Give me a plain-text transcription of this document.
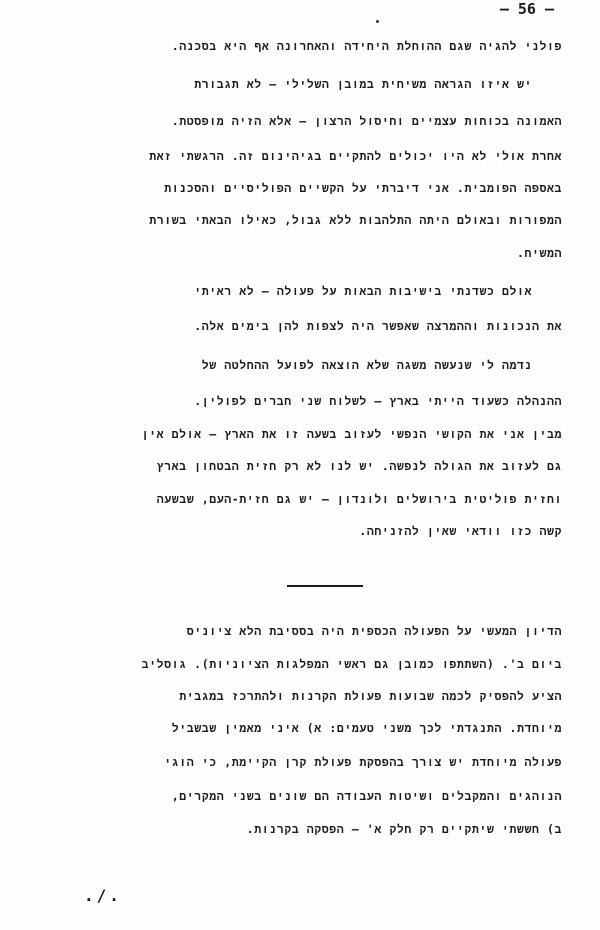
– 56 –
פולני להגיה שגם ההוחלת היחידה והאחרונה אף היא בסכנה.
יש איזו הגראה משיחית במובן השלילי – לא תגבורת
האמונה בכוחות עצמיים וחיסול הרצון – אלא הזיה מופסטת.
אחרת אולי לא היו יכולים להתקיים בגיהינום זה. הרגשתי זאת
באספה הפומבית. אני דיברתי על הקשיים הפוליסיים והסכנות
המפורות ובאולם היתה התלהבות ללא גבול, כאילו הבאתי בשורת
המשיח.
אולם כשדנתי בישיבות הבאות על פעולה – לא ראיתי
את הנכונות וההמרצה שאפשר היה לצפות להן בימים אלה.
נדמה לי שנעשה משגה שלא הוצאה לפועל ההחלטה של
ההנהלה כשעוד הייתי בארץ – לשלוח שני חברים לפולין.
מבין אני את הקושי הנפשי לעזוב בשעה זו את הארץ – אולם אין
גם לעזוב את הגולה לנפשה. יש לנו לא רק חזית הבטחון בארץ
וחזית פוליטית בירושלים ולונדון – יש גם חזית-העם, שבשעה
קשה כזו וודאי שאין להזניחה.
הדיון המעשי על הפעולה הכספית היה בססיבת הלא ציוניס
ביום ב'. (השתתפו כמובן גם ראשי המפלגות הציוניות). גוסליב
הציע להפסיק לכמה שבועות פעולת הקרנות ולהתרכז במגבית
מיוחדת. התנגדתי לכך משני טעמים: א) איני מאמין שבשביל
פעולה מיוחדת יש צורך בהפסקת פעולת קרן הקיימת, כי הוגי
הנוהגים והמקבלים ושיטות העבודה הם שונים בשני המקרים,
ב) חששתי שיתקיים רק חלק א' – הפסקה בקרנות.
./.
